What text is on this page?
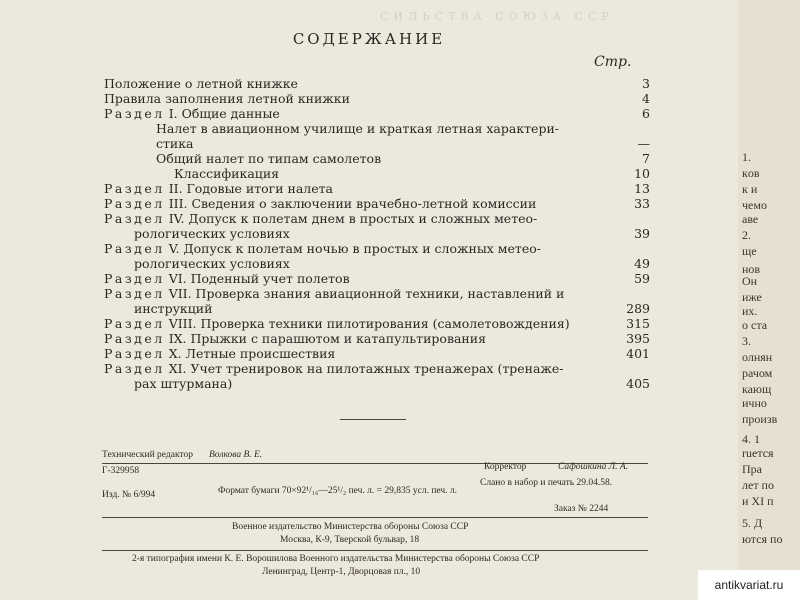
СИЛЬСТВА СОЮЗА ССР
СОДЕРЖАНИЕ
Стр.
Положение о летной книжке	3
Правила заполнения летной книжки	4
Раздел I. Общие данные	6
Налет в авиационном училище и краткая летная характери-
стика	—
Общий налет по типам самолетов	7
Классификация	10
Раздел II. Годовые итоги налета	13
Раздел III. Сведения о заключении врачебно-летной комиссии	33
Раздел IV. Допуск к полетам днем в простых и сложных метео-
рологических условиях	39
Раздел V. Допуск к полетам ночью в простых и сложных метео-
рологических условиях	49
Раздел VI. Поденный учет полетов	59
Раздел VII. Проверка знания авиационной техники, наставлений и
инструкций	289
Раздел VIII. Проверка техники пилотирования (самолетовождения)	315
Раздел IX. Прыжки с парашютом и катапультирования	395
Раздел X. Летные происшествия	401
Раздел XI. Учет тренировок на пилотажных тренажерах (тренаже-
рах штурмана)	405
Технический редактор Волкова В. Е.
Г-329958	Корректор	Сафошкина Л. А.
Слано в набор и печать 29.04.58.
Изд. № 6/994	Формат бумаги 70×92¹/₁₆—25¹/₂ печ. л. = 29,835 усл. печ. л.
Заказ № 2244
Военное издательство Министерства обороны Союза ССР
Москва, К-9, Тверской бульвар, 18
2-я типография имени К. Е. Ворошилова Военного издательства Министерства обороны Союза ССР
Ленинград, Центр-1, Дворцовая пл., 10
1.
кoв
к и
чемо
аве
2.
ще
нов
Он
иже
их.
о ста
3.
олнян
рачом
кающ
ично
произв
4. 1
ruется
Пра
лет по
и XI п
5. Д
ются по
antikvariat.ru
